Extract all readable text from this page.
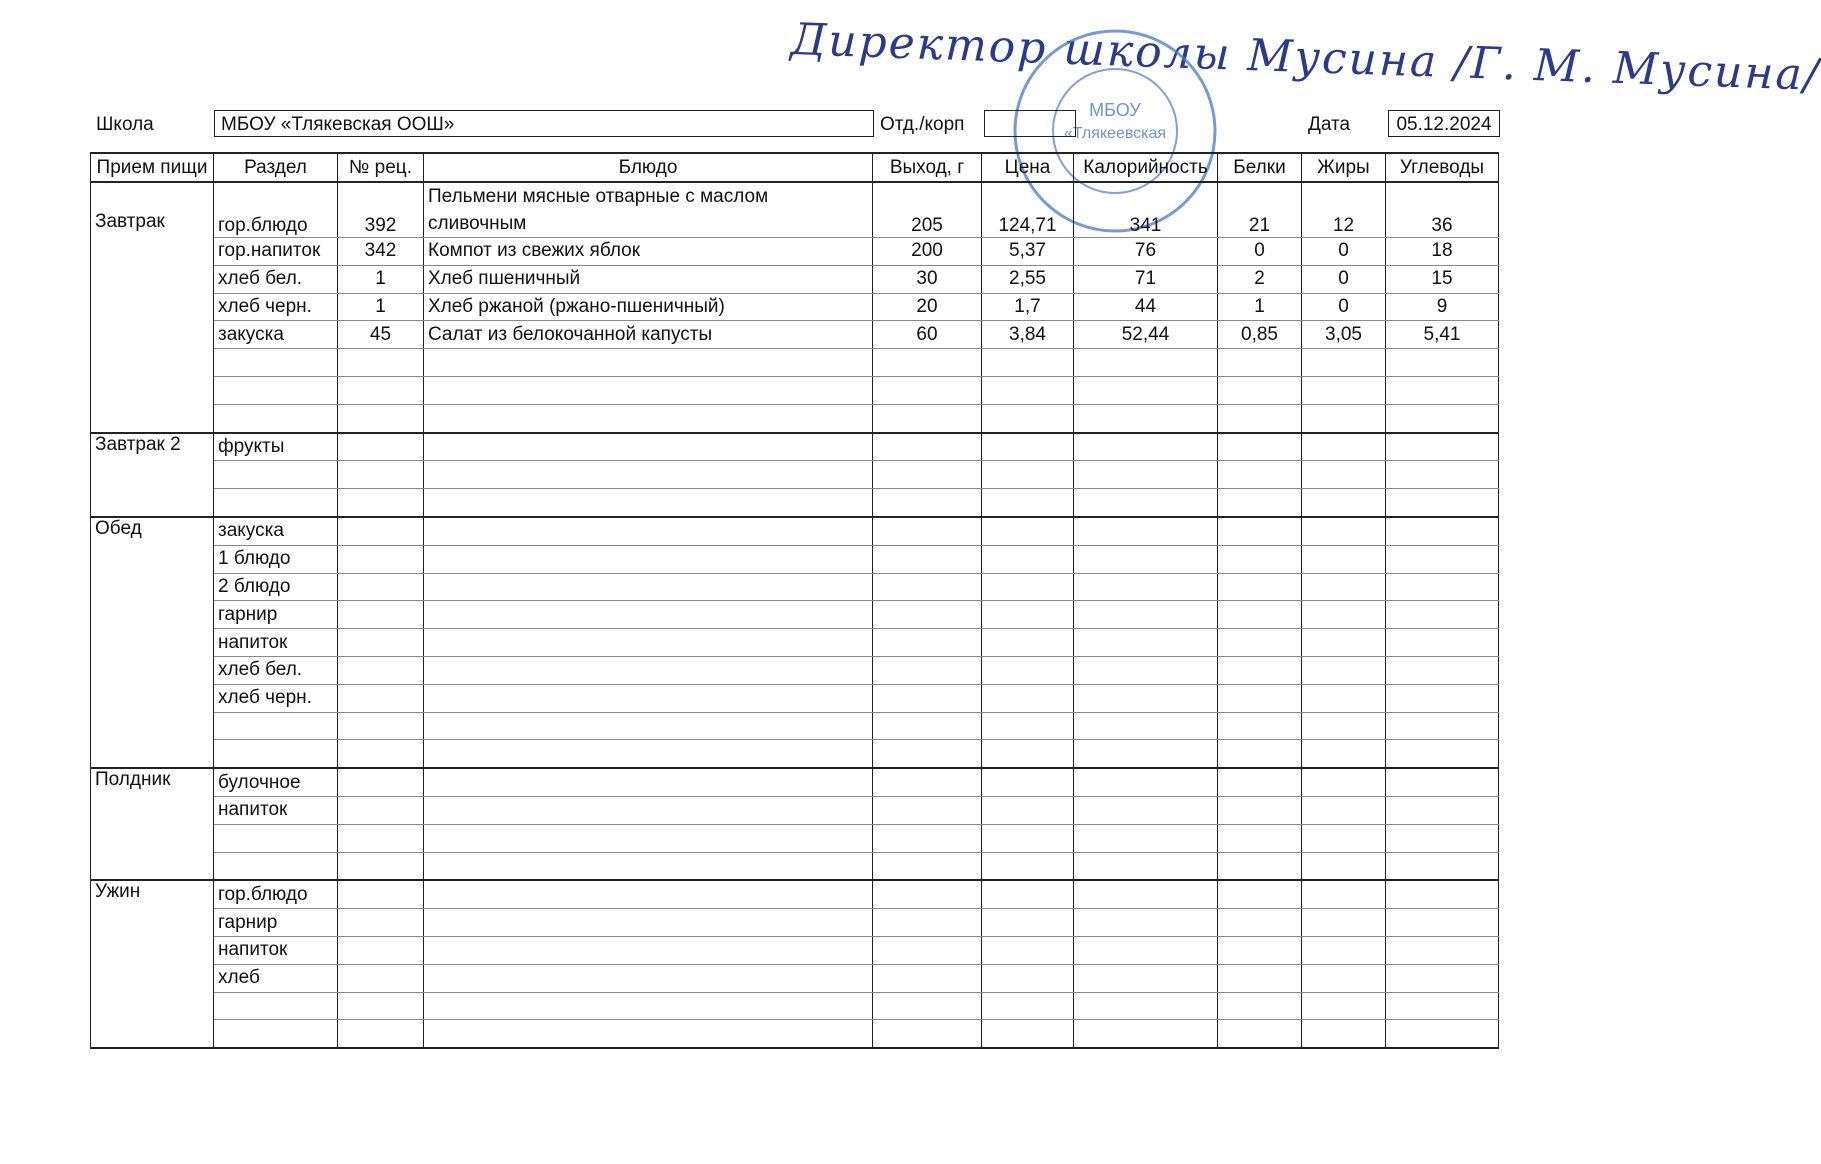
Директор школы Мусина /Г. М. Мусина/
МБОУ
«Тлякеевская
Школа	МБОУ «Тлякевская ООШ»	Отд./корп	Дата	05.12.2024
Прием пищи	Раздел	№ рец.	Блюдо	Выход, г	Цена	Калорийность	Белки	Жиры	Углеводы
Завтрак	гор.блюдо	392	Пельмени мясные отварные с маслом сливочным	205	124,71	341	21	12	36
	гор.напиток	342	Компот из свежих яблок	200	5,37	76	0	0	18
	хлеб бел.	1	Хлеб пшеничный	30	2,55	71	2	0	15
	хлеб черн.	1	Хлеб ржаной (ржано-пшеничный)	20	1,7	44	1	0	9
	закуска	45	Салат из белокочанной капусты	60	3,84	52,44	0,85	3,05	5,41

Завтрак 2	фрукты								

Обед	закуска								
	1 блюдо								
	2 блюдо								
	гарнир								
	напиток								
	хлеб бел.								
	хлеб черн.								

Полдник	булочное								
	напиток								

Ужин	гор.блюдо								
	гарнир								
	напиток								
	хлеб								
